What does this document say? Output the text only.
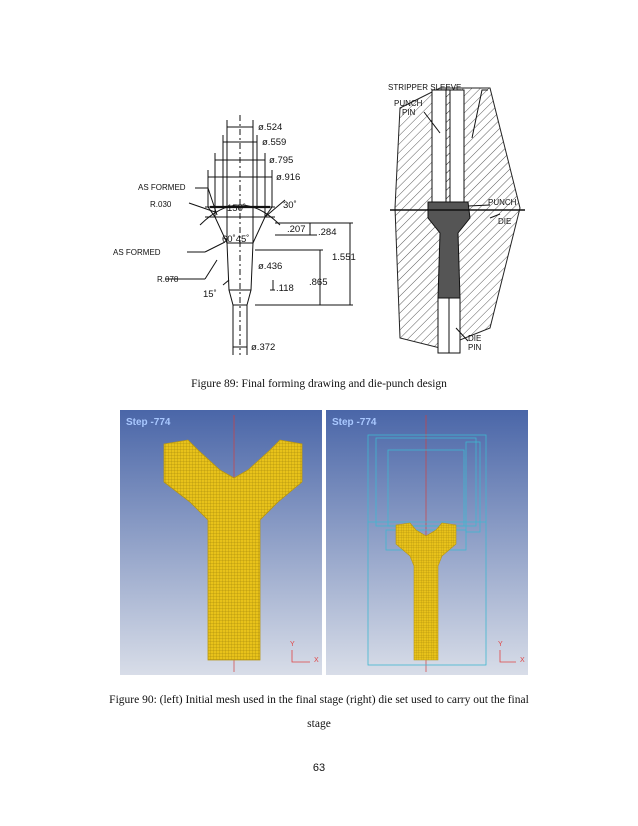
ø.524
ø.559
ø.795
ø.916
30˚
150˚
.207 .284
1.551
60˚45˚
ø.436
.118
.865
15˚
ø.372
AS FORMED
R.030
AS FORMED
R.078
STRIPPER SLEEVE
PUNCH
PIN
PUNCH
DIE
DIE
PIN
Figure 89: Final forming drawing and die-punch design
Step -774
Y
X
Step -774
Y
X
Figure 90: (left) Initial mesh used in the final stage (right) die set used to carry out the final
stage
63
